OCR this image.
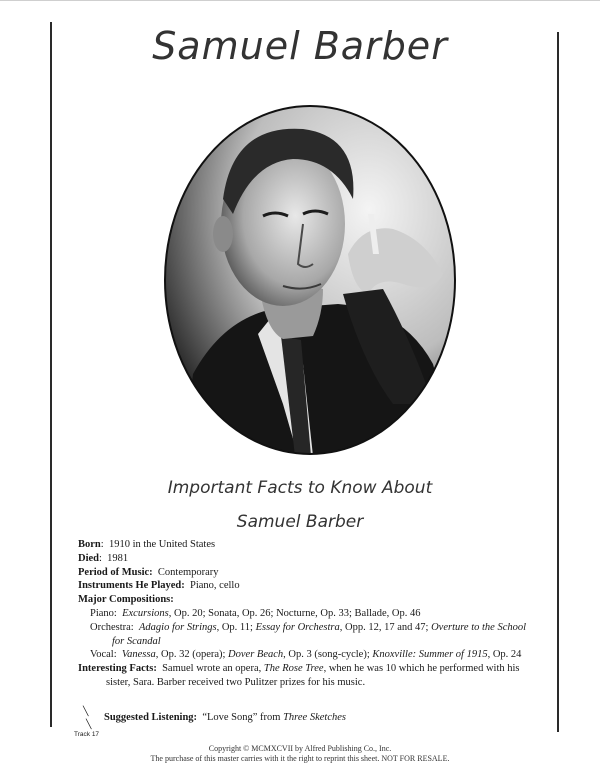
Samuel Barber
Important Facts to Know About
Samuel Barber

Born:  1910 in the United States

Died:  1981

Period of Music: Contemporary

Instruments He Played: Piano, cello

Major Compositions:

Piano: Excursions, Op. 20; Sonata, Op. 26; Nocturne, Op. 33; Ballade, Op. 46

Orchestra: Adagio for Strings, Op. 11; Essay for Orchestra, Opp. 12, 17 and 47; Overture to the School for Scandal

Vocal: Vanessa, Op. 32 (opera); Dover Beach, Op. 3 (song-cycle); Knoxville: Summer of 1915, Op. 24

Interesting Facts: Samuel wrote an opera, The Rose Tree, when he was 10 which he performed with his sister, Sara. Barber received two Pulitzer prizes for his music.

╲
╲
Track 17
Suggested Listening: “Love Song” from Three Sketches
Copyright © MCMXCVII by Alfred Publishing Co., Inc.
The purchase of this master carries with it the right to reprint this sheet. NOT FOR RESALE.
